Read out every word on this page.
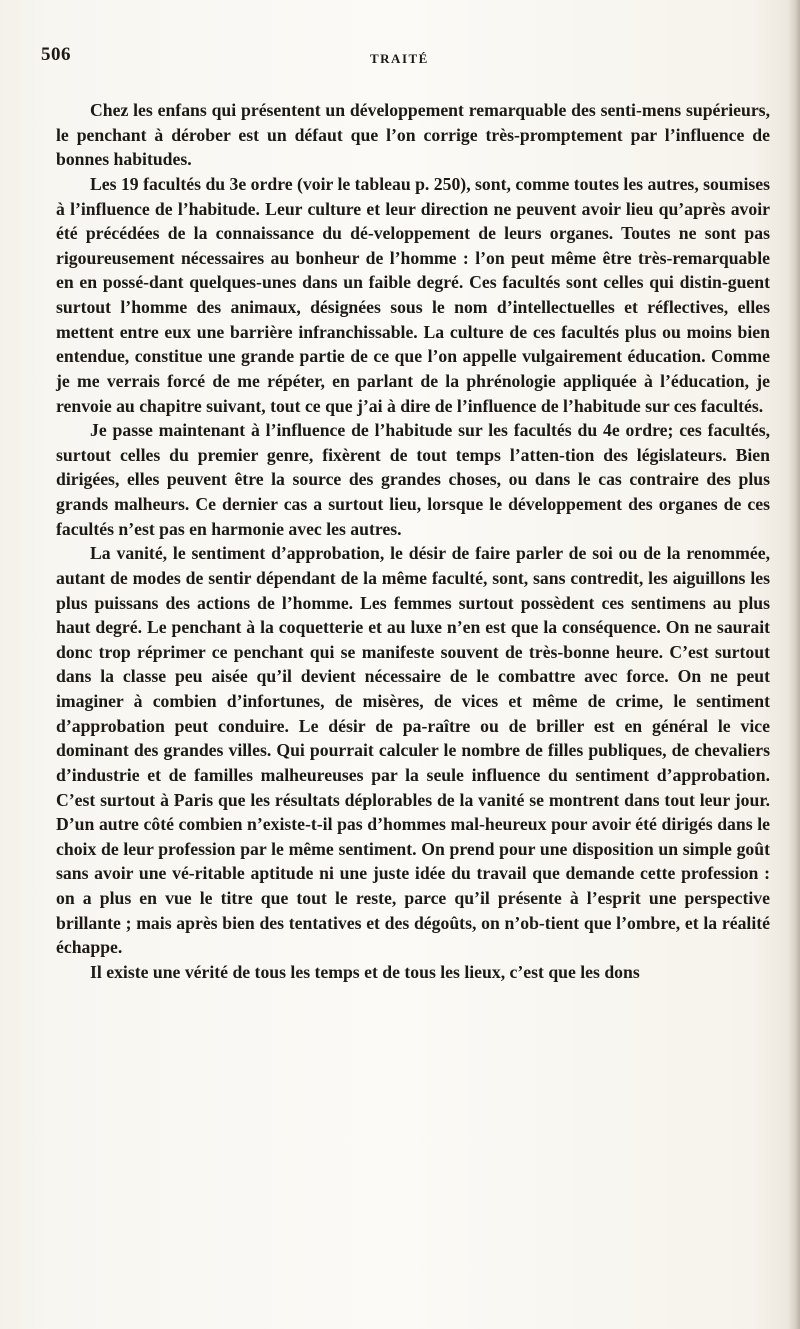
506	TRAITÉ

Chez les enfans qui présentent un développement remarquable des senti-mens supérieurs, le penchant à dérober est un défaut que l’on corrige très-promptement par l’influence de bonnes habitudes.

Les 19 facultés du 3e ordre (voir le tableau p. 250), sont, comme toutes les autres, soumises à l’influence de l’habitude. Leur culture et leur direction ne peuvent avoir lieu qu’après avoir été précédées de la connaissance du dé-veloppement de leurs organes. Toutes ne sont pas rigoureusement nécessaires au bonheur de l’homme : l’on peut même être très-remarquable en en possé-dant quelques-unes dans un faible degré. Ces facultés sont celles qui distin-guent surtout l’homme des animaux, désignées sous le nom d’intellectuelles et réflectives, elles mettent entre eux une barrière infranchissable. La culture de ces facultés plus ou moins bien entendue, constitue une grande partie de ce que l’on appelle vulgairement éducation. Comme je me verrais forcé de me répéter, en parlant de la phrénologie appliquée à l’éducation, je renvoie au chapitre suivant, tout ce que j’ai à dire de l’influence de l’habitude sur ces facultés.

Je passe maintenant à l’influence de l’habitude sur les facultés du 4e ordre; ces facultés, surtout celles du premier genre, fixèrent de tout temps l’atten-tion des législateurs. Bien dirigées, elles peuvent être la source des grandes choses, ou dans le cas contraire des plus grands malheurs. Ce dernier cas a surtout lieu, lorsque le développement des organes de ces facultés n’est pas en harmonie avec les autres.

La vanité, le sentiment d’approbation, le désir de faire parler de soi ou de la renommée, autant de modes de sentir dépendant de la même faculté, sont, sans contredit, les aiguillons les plus puissans des actions de l’homme. Les femmes surtout possèdent ces sentimens au plus haut degré. Le penchant à la coquetterie et au luxe n’en est que la conséquence. On ne saurait donc trop réprimer ce penchant qui se manifeste souvent de très-bonne heure. C’est surtout dans la classe peu aisée qu’il devient nécessaire de le combattre avec force. On ne peut imaginer à combien d’infortunes, de misères, de vices et même de crime, le sentiment d’approbation peut conduire. Le désir de pa-raître ou de briller est en général le vice dominant des grandes villes. Qui pourrait calculer le nombre de filles publiques, de chevaliers d’industrie et de familles malheureuses par la seule influence du sentiment d’approbation. C’est surtout à Paris que les résultats déplorables de la vanité se montrent dans tout leur jour. D’un autre côté combien n’existe-t-il pas d’hommes mal-heureux pour avoir été dirigés dans le choix de leur profession par le même sentiment. On prend pour une disposition un simple goût sans avoir une vé-ritable aptitude ni une juste idée du travail que demande cette profession : on a plus en vue le titre que tout le reste, parce qu’il présente à l’esprit une perspective brillante ; mais après bien des tentatives et des dégoûts, on n’ob-tient que l’ombre, et la réalité échappe.

Il existe une vérité de tous les temps et de tous les lieux, c’est que les dons
